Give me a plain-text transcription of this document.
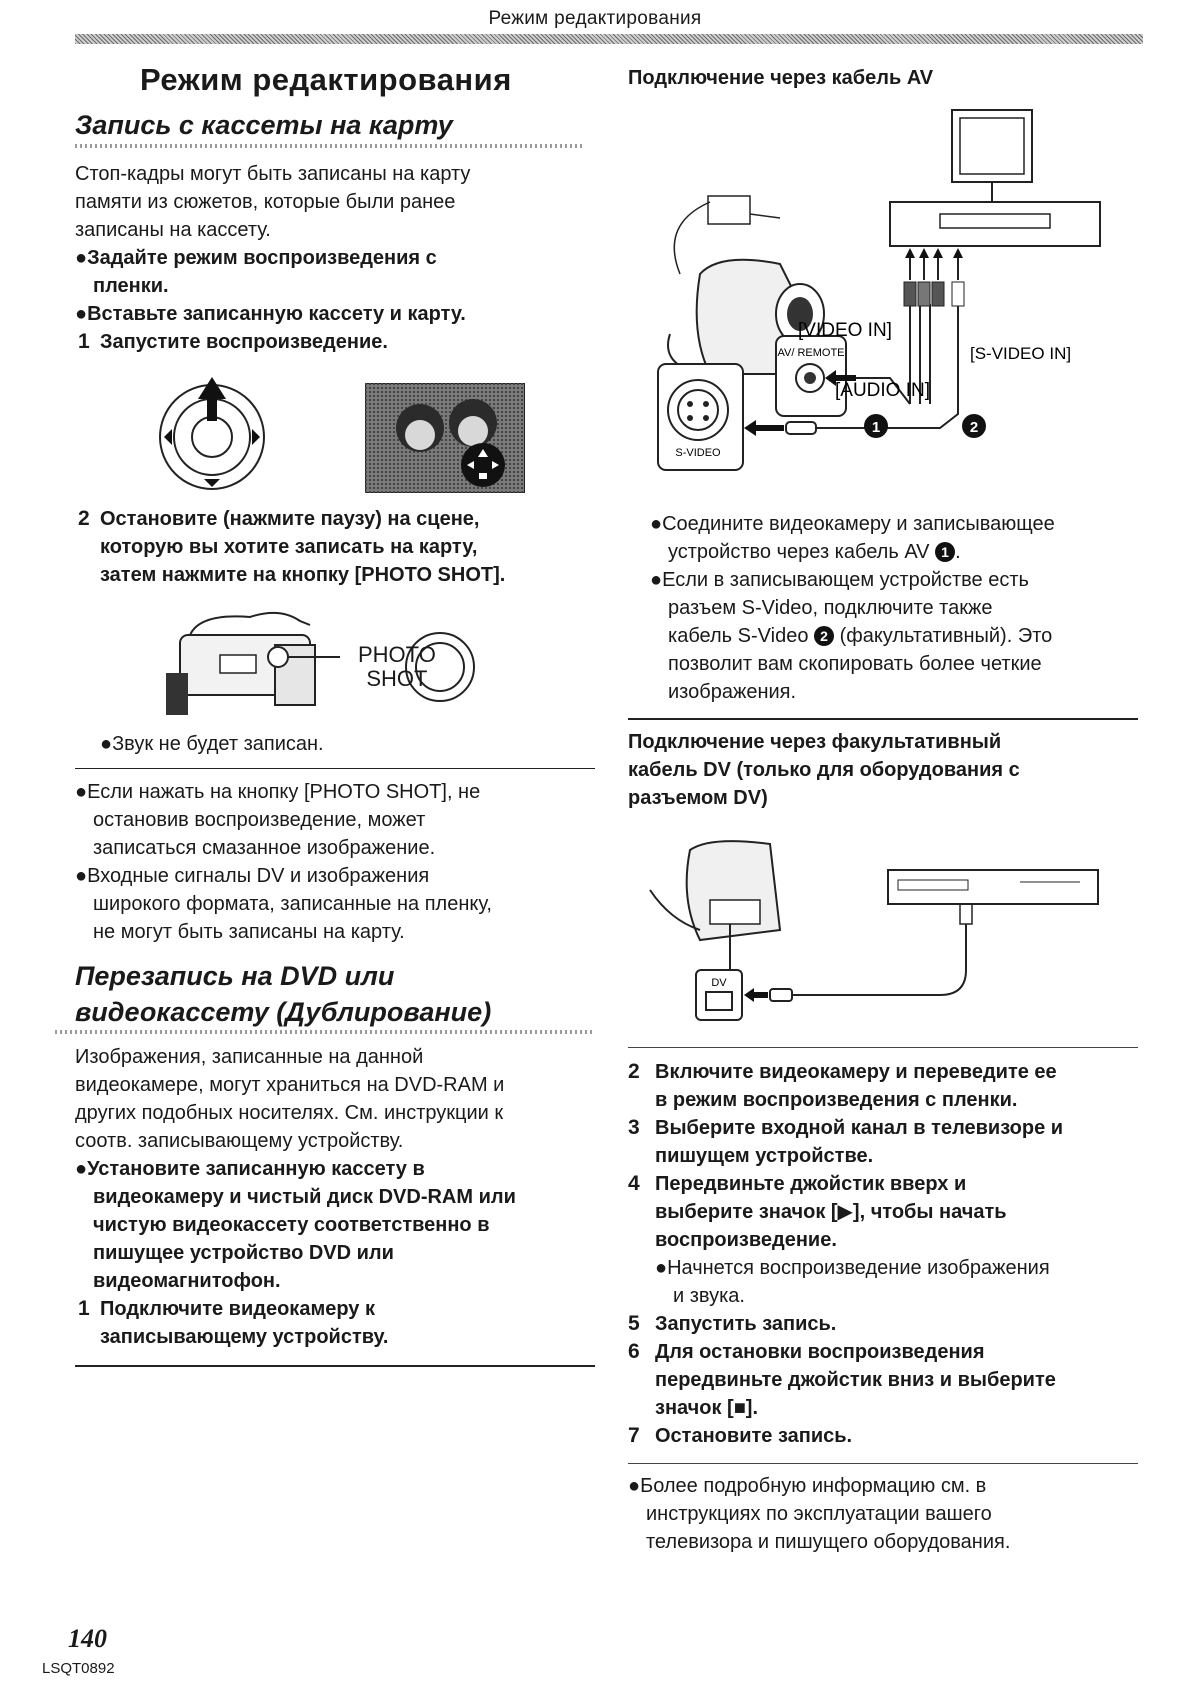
Режим редактирования
Режим редактирования
Запись с кассеты на карту
Стоп-кадры могут быть записаны на карту
памяти из сюжетов, которые были ранее
записаны на кассету.
●Задайте режим воспроизведения с
пленки.
●Вставьте записанную кассету и карту.
1 Запустите воспроизведение.
2 Остановите (нажмите паузу) на сцене,
которую вы хотите записать на карту,
затем нажмите на кнопку [PHOTO SHOT].
PHOTO
SHOT
●Звук не будет записан.
●Если нажать на кнопку [PHOTO SHOT], не
остановив воспроизведение, может
записаться смазанное изображение.
●Входные сигналы DV и изображения
широкого формата, записанные на пленку,
не могут быть записаны на карту.
Перезапись на DVD или
видеокассету (Дублирование)
Изображения, записанные на данной
видеокамере, могут храниться на DVD-RAM и
других подобных носителях. См. инструкции к
соотв. записывающему устройству.
●Установите записанную кассету в
видеокамеру и чистый диск DVD-RAM или
чистую видеокассету соответственно в
пишущее устройство DVD или
видеомагнитофон.
1 Подключите видеокамеру к
записывающему устройству.
Подключение через кабель AV
S-VIDEO
AV/ REMOTE
[VIDEO IN]
[S-VIDEO IN]
[AUDIO IN]
1	2
●Соедините видеокамеру и записывающее
устройство через кабель AV 1 .
●Если в записывающем устройстве есть
разъем S-Video, подключите также
кабель S-Video 2 (факультативный). Это
позволит вам скопировать более четкие
изображения.
Подключение через факультативный
кабель DV (только для оборудования с
разъемом DV)
DV
2 Включите видеокамеру и переведите ее
в режим воспроизведения с пленки.
3 Выберите входной канал в телевизоре и
пишущем устройстве.
4 Передвиньте джойстик вверх и
выберите значок [▶], чтобы начать
воспроизведение.
●Начнется воспроизведение изображения
и звука.
5 Запустить запись.
6 Для остановки воспроизведения
передвиньте джойстик вниз и выберите
значок [■].
7 Остановите запись.
●Более подробную информацию см. в
инструкциях по эксплуатации вашего
телевизора и пишущего оборудования.
140
LSQT0892
